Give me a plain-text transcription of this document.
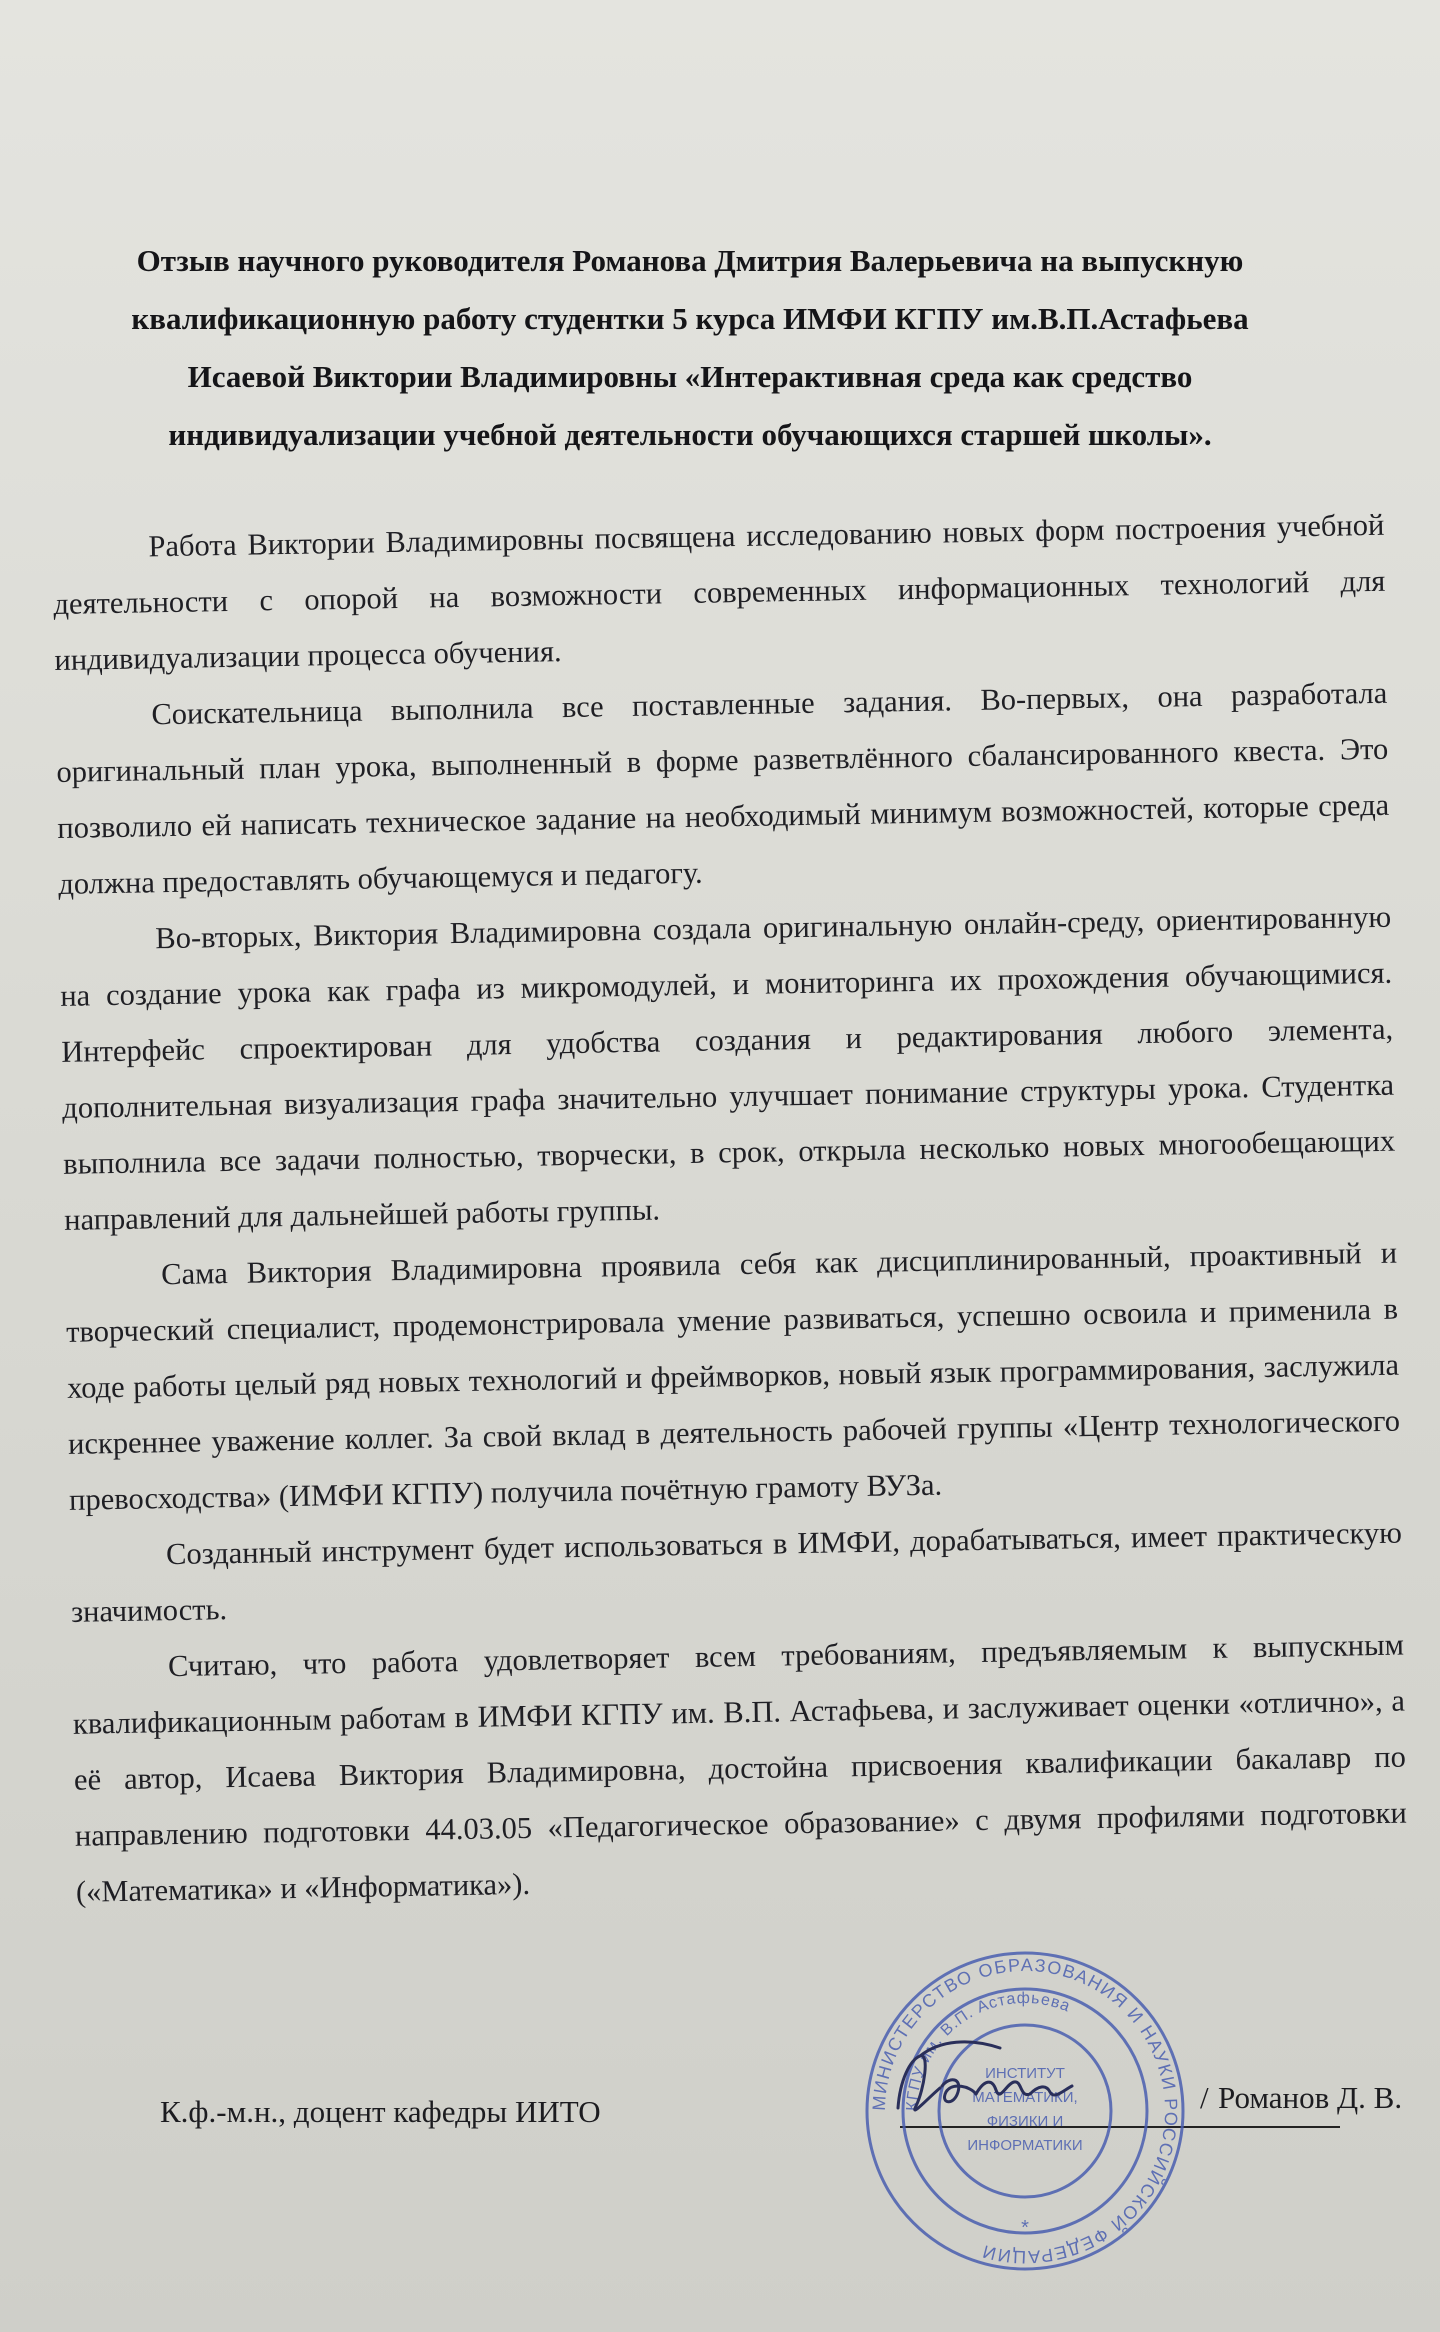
Отзыв научного руководителя Романова Дмитрия Валерьевича на выпускную
квалификационную работу студентки 5 курса ИМФИ КГПУ им.В.П.Астафьева
Исаевой Виктории Владимировны «Интерактивная среда как средство
индивидуализации учебной деятельности обучающихся старшей школы».

Работа Виктории Владимировны посвящена исследованию новых форм построения учебной деятельности с опорой на возможности современных информационных технологий для индивидуализации процесса обучения.

Соискательница выполнила все поставленные задания. Во-первых, она разработала оригинальный план урока, выполненный в форме разветвлённого сбалансированного квеста. Это позволило ей написать техническое задание на необходимый минимум возможностей, которые среда должна предоставлять обучающемуся и педагогу.

Во-вторых, Виктория Владимировна создала оригинальную онлайн-среду, ориентированную на создание урока как графа из микромодулей, и мониторинга их прохождения обучающимися. Интерфейс спроектирован для удобства создания и редактирования любого элемента, дополнительная визуализация графа значительно улучшает понимание структуры урока. Студентка выполнила все задачи полностью, творчески, в срок, открыла несколько новых многообещающих направлений для дальнейшей работы группы.

Сама Виктория Владимировна проявила себя как дисциплинированный, проактивный и творческий специалист, продемонстрировала умение развиваться, успешно освоила и применила в ходе работы целый ряд новых технологий и фреймворков, новый язык программирования, заслужила искреннее уважение коллег. За свой вклад в деятельность рабочей группы «Центр технологического превосходства» (ИМФИ КГПУ) получила почётную грамоту ВУЗа.

Созданный инструмент будет использоваться в ИМФИ, дорабатываться, имеет практическую значимость.

Считаю, что работа удовлетворяет всем требованиям, предъявляемым к выпускным квалификационным работам в ИМФИ КГПУ им. В.П. Астафьева, и заслуживает оценки «отлично», а её автор, Исаева Виктория Владимировна, достойна присвоения квалификации бакалавр по направлению подготовки 44.03.05 «Педагогическое образование» с двумя профилями подготовки («Математика» и «Информатика»).

К.ф.-м.н., доцент кафедры ИИТО	/ Романов Д. В.
МИНИСТЕРСТВО ОБРАЗОВАНИЯ И НАУКИ РОССИЙСКОЙ ФЕДЕРАЦИИ
КГПУ им. В.П. Астафьева
ИНСТИТУТ
МАТЕМАТИКИ,
ФИЗИКИ И
ИНФОРМАТИКИ
*
